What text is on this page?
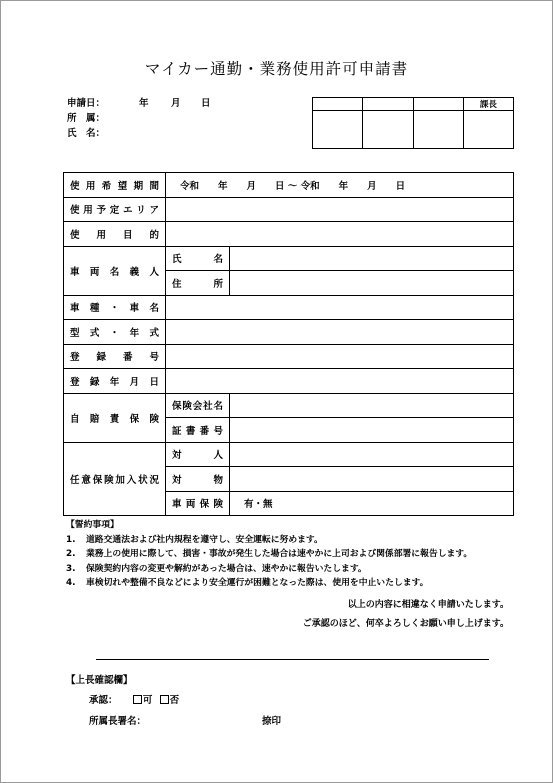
マイカー通勤・業務使用許可申請書
申請日：	年 月 日
所　属：
氏　名：
			課長

使用希望期間	令和　　年　　月　　日 ～ 令和　　年　　月　　日	
使用予定エリア		
使用目的		
車両名義人	氏名	
	住所	
車種・車名		
型式・年式		
登録番号		
登録年月日		
自賠責保険	保険会社名	
	証書番号	
任意保険加入状況	対人	
	対物	
	車両保険	有・無
【誓約事項】
1. 道路交通法および社内規程を遵守し、安全運転に努めます。
2. 業務上の使用に際して、損害・事故が発生した場合は速やかに上司および関係部署に報告します。
3. 保険契約内容の変更や解約があった場合は、速やかに報告いたします。
4. 車検切れや整備不良などにより安全運行が困難となった際は、使用を中止いたします。
以上の内容に相違なく申請いたします。
ご承認のほど、何卒よろしくお願い申し上げます。
【上長確認欄】
承認：	可 否
所属長署名：	捺印
